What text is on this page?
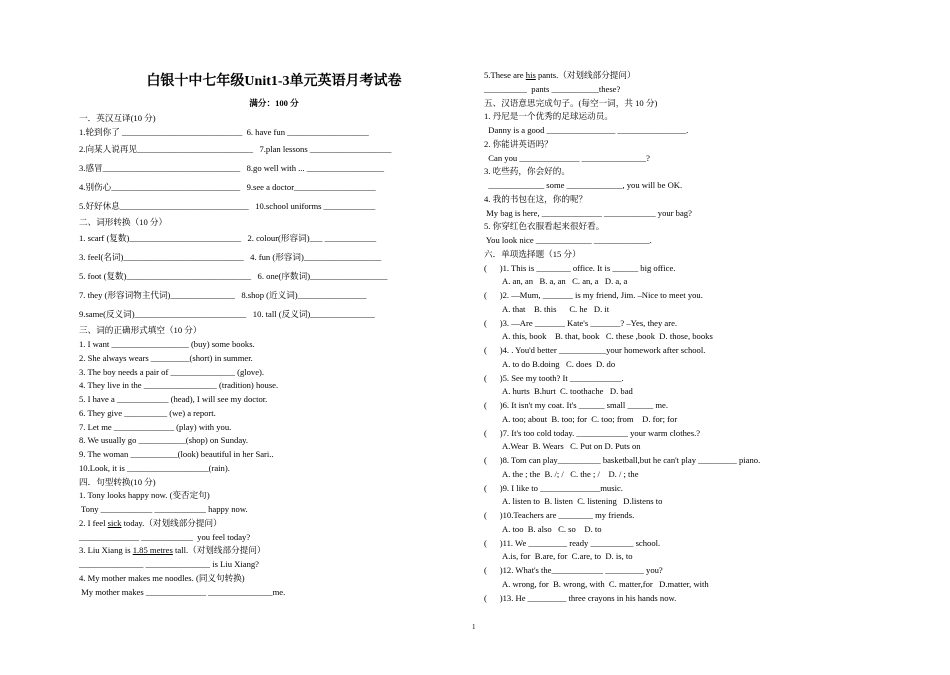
白银十中七年级Unit1-3单元英语月考试卷
满分：100 分
一．英汉互译(10 分)
1.轮到你了 ____________________________  6. have fun ___________________
2.向某人说再见___________________________   7.plan lessons ___________________
3.感冒________________________________   8.go well with ... __________________
4.别伤心______________________________   9.see a doctor___________________
5.好好休息______________________________   10.school uniforms ____________
二、词形转换（10 分）
1. scarf (复数)__________________________   2. colour(形容词)___ ____________
3. feel(名词)____________________________   4. fun (形容词)__________________
5. foot (复数)_____________________________   6. one(序数词)__________________
7. they (形容词物主代词)_______________   8.shop (近义词)________________
9.same(反义词)__________________________   10. tall (反义词)_______________
三、词的正确形式填空（10 分）
1. I want __________________ (buy) some books.
2. She always wears _________(short) in summer.
3. The boy needs a pair of _______________ (glove).
4. They live in the _________________ (tradition) house.
5. I have a ____________ (head), I will see my doctor.
6. They give __________ (we) a report.
7. Let me ______________ (play) with you.
8. We usually go ___________(shop) on Sunday.
9. The woman ___________(look) beautiful in her Sari..
10.Look, it is ___________________(rain).
四．句型转换(10 分)
1. Tony looks happy now. (变否定句)
Tony ____________ ____________ happy now.
2. I feel sick today.（对划线部分提问）
______________ ____________  you feel today?
3. Liu Xiang is 1.85 metres tall.（对划线部分提问）
_______________ _______________ is Liu Xiang?
4. My mother makes me noodles. (同义句转换)
My mother makes ______________ _______________me.
5.These are his pants.（对划线部分提问）
__________  pants ___________these?
五、汉语意思完成句子。(每空一词，共 10 分)
1. 丹尼是一个优秀的足球运动员。
Danny is a good ________________ ________________.
2. 你能讲英语吗？
Can you ______________ _______________?
3. 吃些药，你会好的。
_____________ some _____________, you will be OK.
4. 我的书包在这，你的呢？
My bag is here, ______________ ____________ your bag?
5. 你穿红色衣服看起来很好看。
You look nice _____________ _____________.
六．单项选择题（15 分）
(      )1. This is ________ office. It is ______ big office.
A. an, an   B. a, an   C. an, a   D. a, a
(      )2. —Mum, _______ is my friend, Jim. –Nice to meet you.
A. that    B. this      C. he   D. it
(      )3. —Are _______ Kate's _______? –Yes, they are.
A. this, book    B. that, book   C. these ,book  D. those, books
(      )4. . You'd better ___________your homework after school.
A. to do B.doing   C. does  D. do
(      )5. See my tooth? It ____________.
A. hurts  B.hurt  C. toothache   D. bad
(      )6. It isn't my coat. It's ______ small ______ me.
A. too; about  B. too; for  C. too; from    D. for; for
(      )7. It's too cold today. ____________ your warm clothes.?
A.Wear  B. Wears   C. Put on D. Puts on
(      )8. Tom can play__________ basketball,but he can't play _________ piano.
A. the ; the  B. /; /   C. the ; /    D. / ; the
(      )9. I like to ______________music.
A. listen to  B. listen  C. listening   D.listens to
(      )10.Teachers are ________ my friends.
A. too  B. also   C. so    D. to
(      )11. We _________ ready __________ school.
A.is, for  B.are, for  C.are, to  D. is, to
(      )12. What's the____________ _________ you?
A. wrong, for  B. wrong, with  C. matter,for   D.matter, with
(      )13. He _________ three crayons in his hands now.
1
